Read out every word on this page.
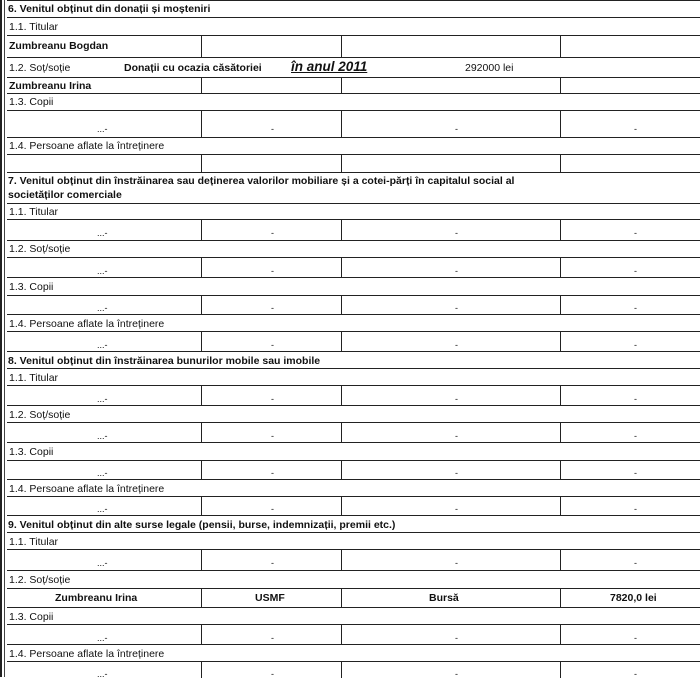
6. Venitul obținut din donații și moșteniri
1.1. Titular
Zumbreanu Bogdan
1.2. Soț/soție	Donații cu ocazia căsătoriei în anul 2011	292000 lei
Zumbreanu Irina
1.3. Copii
...-	-	-	-
1.4. Persoane aflate la întreținere
7. Venitul obținut din înstrăinarea sau deținerea valorilor mobiliare și a cotei-părți în capitalul social al
societăților comerciale
1.1. Titular
...-	-	-	-
1.2. Soț/soție
...-	-	-	-
1.3. Copii
...-	-	-	-
1.4. Persoane aflate la întreținere
...-	-	-	-
8. Venitul obținut din înstrăinarea bunurilor mobile sau imobile
1.1. Titular
...-	-	-	-
1.2. Soț/soție
...-	-	-	-
1.3. Copii
...-	-	-	-
1.4. Persoane aflate la întreținere
...-	-	-	-
9. Venitul obținut din alte surse legale (pensii, burse, indemnizații, premii etc.)
1.1. Titular
...-	-	-	-
1.2. Soț/soție
Zumbreanu Irina	USMF	Bursă	7820,0 lei
1.3. Copii
...-	-	-	-
1.4. Persoane aflate la întreținere
...-	-	-	-
